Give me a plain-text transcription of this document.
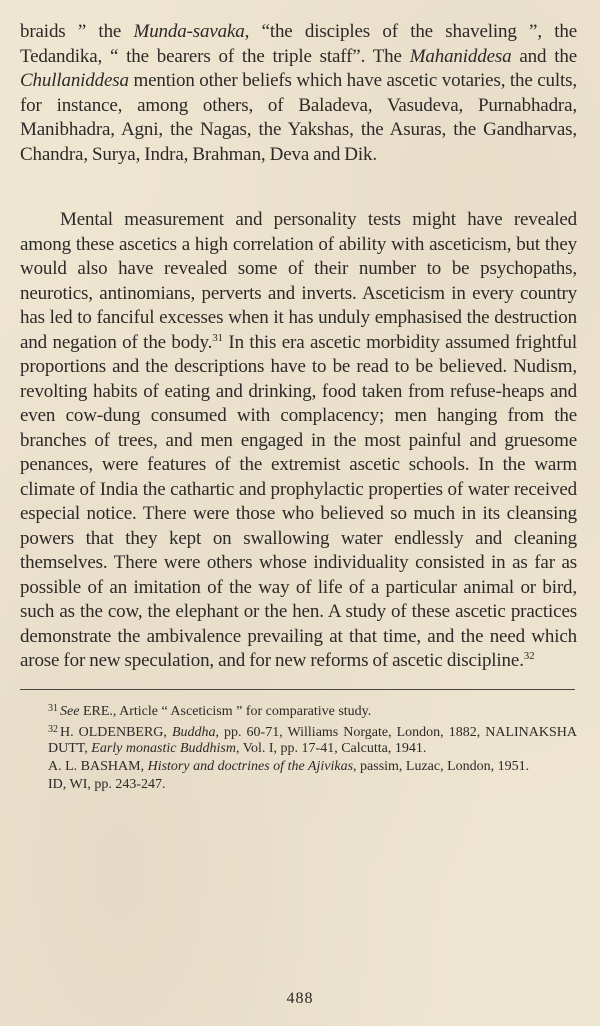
braids ” the Munda-savaka, “the disciples of the shaveling ”, the Tedandika, “ the bearers of the triple staff”. The Mahaniddesa and the Chullaniddesa mention other beliefs which have ascetic votaries, the cults, for instance, among others, of Baladeva, Vasudeva, Purnabhadra, Manibhadra, Agni, the Nagas, the Yakshas, the Asuras, the Gandharvas, Chandra, Surya, Indra, Brahman, Deva and Dik.

Mental measurement and personality tests might have revealed among these ascetics a high correlation of ability with asceticism, but they would also have revealed some of their number to be psychopaths, neurotics, antinomians, perverts and inverts. Asceticism in every country has led to fanciful excesses when it has unduly emphasised the destruction and negation of the body.$^{31}$ In this era ascetic morbidity assumed frightful proportions and the descriptions have to be read to be believed. Nudism, revolting habits of eating and drinking, food taken from refuse-heaps and even cow-dung consumed with complacency; men hanging from the branches of trees, and men engaged in the most painful and gruesome penances, were features of the extremist ascetic schools. In the warm climate of India the cathartic and prophylactic properties of water received especial notice. There were those who believed so much in its cleansing powers that they kept on swallowing water endlessly and cleaning themselves. There were others whose individuality consisted in as far as possible of an imitation of the way of life of a particular animal or bird, such as the cow, the elephant or the hen. A study of these ascetic practices demonstrate the ambivalence prevailing at that time, and the need which arose for new speculation, and for new reforms of ascetic discipline.$^{32}$

$^{31}$ See ERE., Article “ Asceticism ” for comparative study.

$^{32}$ H. OLDENBERG, Buddha, pp. 60-71, Williams Norgate, London, 1882, NALINAKSHA DUTT, Early monastic Buddhism, Vol. I, pp. 17-41, Calcutta, 1941.

A. L. BASHAM, History and doctrines of the Ajivikas, passim, Luzac, London, 1951.

ID, WI, pp. 243-247.

488
